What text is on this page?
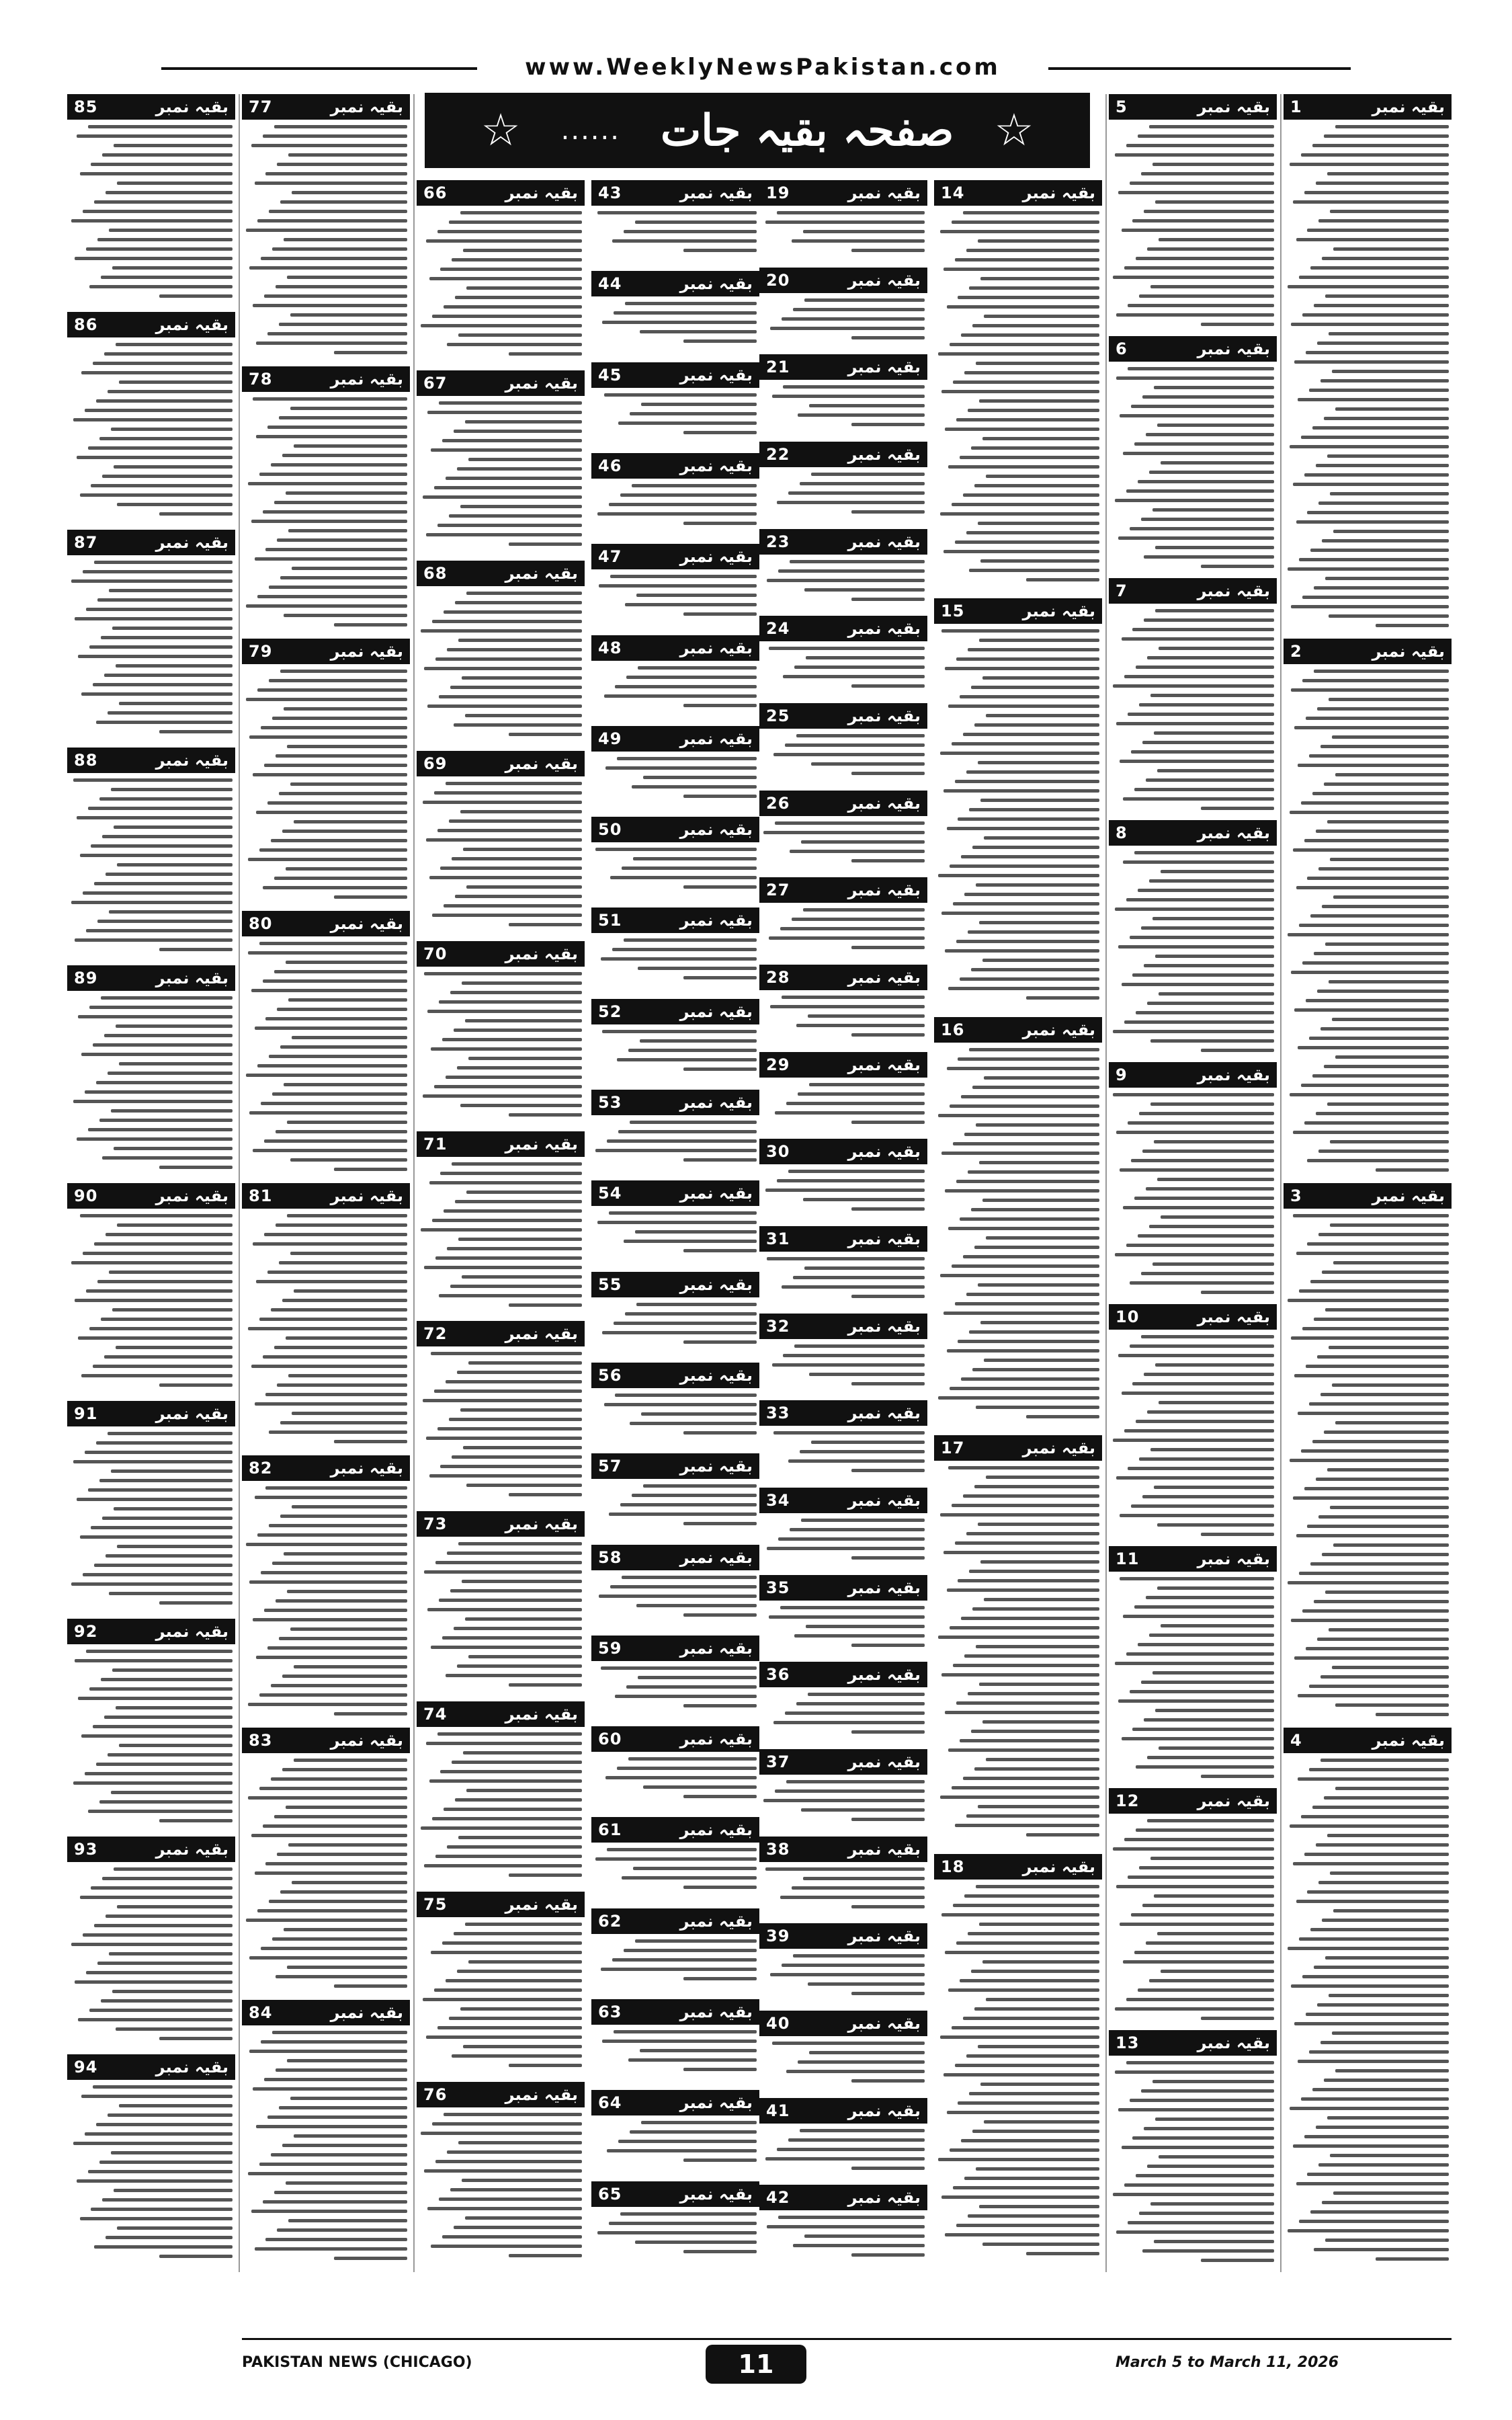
www.WeeklyNewsPakistan.com
☆ ...... صفحہ بقیہ جات ☆
85	بقیہ نمبر
86	بقیہ نمبر
87	بقیہ نمبر
88	بقیہ نمبر
89	بقیہ نمبر
90	بقیہ نمبر
91	بقیہ نمبر
92	بقیہ نمبر
93	بقیہ نمبر
94	بقیہ نمبر
77	بقیہ نمبر
78	بقیہ نمبر
79	بقیہ نمبر
80	بقیہ نمبر
81	بقیہ نمبر
82	بقیہ نمبر
83	بقیہ نمبر
84	بقیہ نمبر
66	بقیہ نمبر
67	بقیہ نمبر
68	بقیہ نمبر
69	بقیہ نمبر
70	بقیہ نمبر
71	بقیہ نمبر
72	بقیہ نمبر
73	بقیہ نمبر
74	بقیہ نمبر
75	بقیہ نمبر
76	بقیہ نمبر
43	بقیہ نمبر
44	بقیہ نمبر
45	بقیہ نمبر
46	بقیہ نمبر
47	بقیہ نمبر
48	بقیہ نمبر
49	بقیہ نمبر
50	بقیہ نمبر
51	بقیہ نمبر
52	بقیہ نمبر
53	بقیہ نمبر
54	بقیہ نمبر
55	بقیہ نمبر
56	بقیہ نمبر
57	بقیہ نمبر
58	بقیہ نمبر
59	بقیہ نمبر
60	بقیہ نمبر
61	بقیہ نمبر
62	بقیہ نمبر
63	بقیہ نمبر
64	بقیہ نمبر
65	بقیہ نمبر
19	بقیہ نمبر
20	بقیہ نمبر
21	بقیہ نمبر
22	بقیہ نمبر
23	بقیہ نمبر
24	بقیہ نمبر
25	بقیہ نمبر
26	بقیہ نمبر
27	بقیہ نمبر
28	بقیہ نمبر
29	بقیہ نمبر
30	بقیہ نمبر
31	بقیہ نمبر
32	بقیہ نمبر
33	بقیہ نمبر
34	بقیہ نمبر
35	بقیہ نمبر
36	بقیہ نمبر
37	بقیہ نمبر
38	بقیہ نمبر
39	بقیہ نمبر
40	بقیہ نمبر
41	بقیہ نمبر
42	بقیہ نمبر
14	بقیہ نمبر
15	بقیہ نمبر
16	بقیہ نمبر
17	بقیہ نمبر
18	بقیہ نمبر
5	بقیہ نمبر
6	بقیہ نمبر
7	بقیہ نمبر
8	بقیہ نمبر
9	بقیہ نمبر
10	بقیہ نمبر
11	بقیہ نمبر
12	بقیہ نمبر
13	بقیہ نمبر
1	بقیہ نمبر
2	بقیہ نمبر
3	بقیہ نمبر
4	بقیہ نمبر
PAKISTAN NEWS (CHICAGO)	11	March 5 to March 11, 2026
